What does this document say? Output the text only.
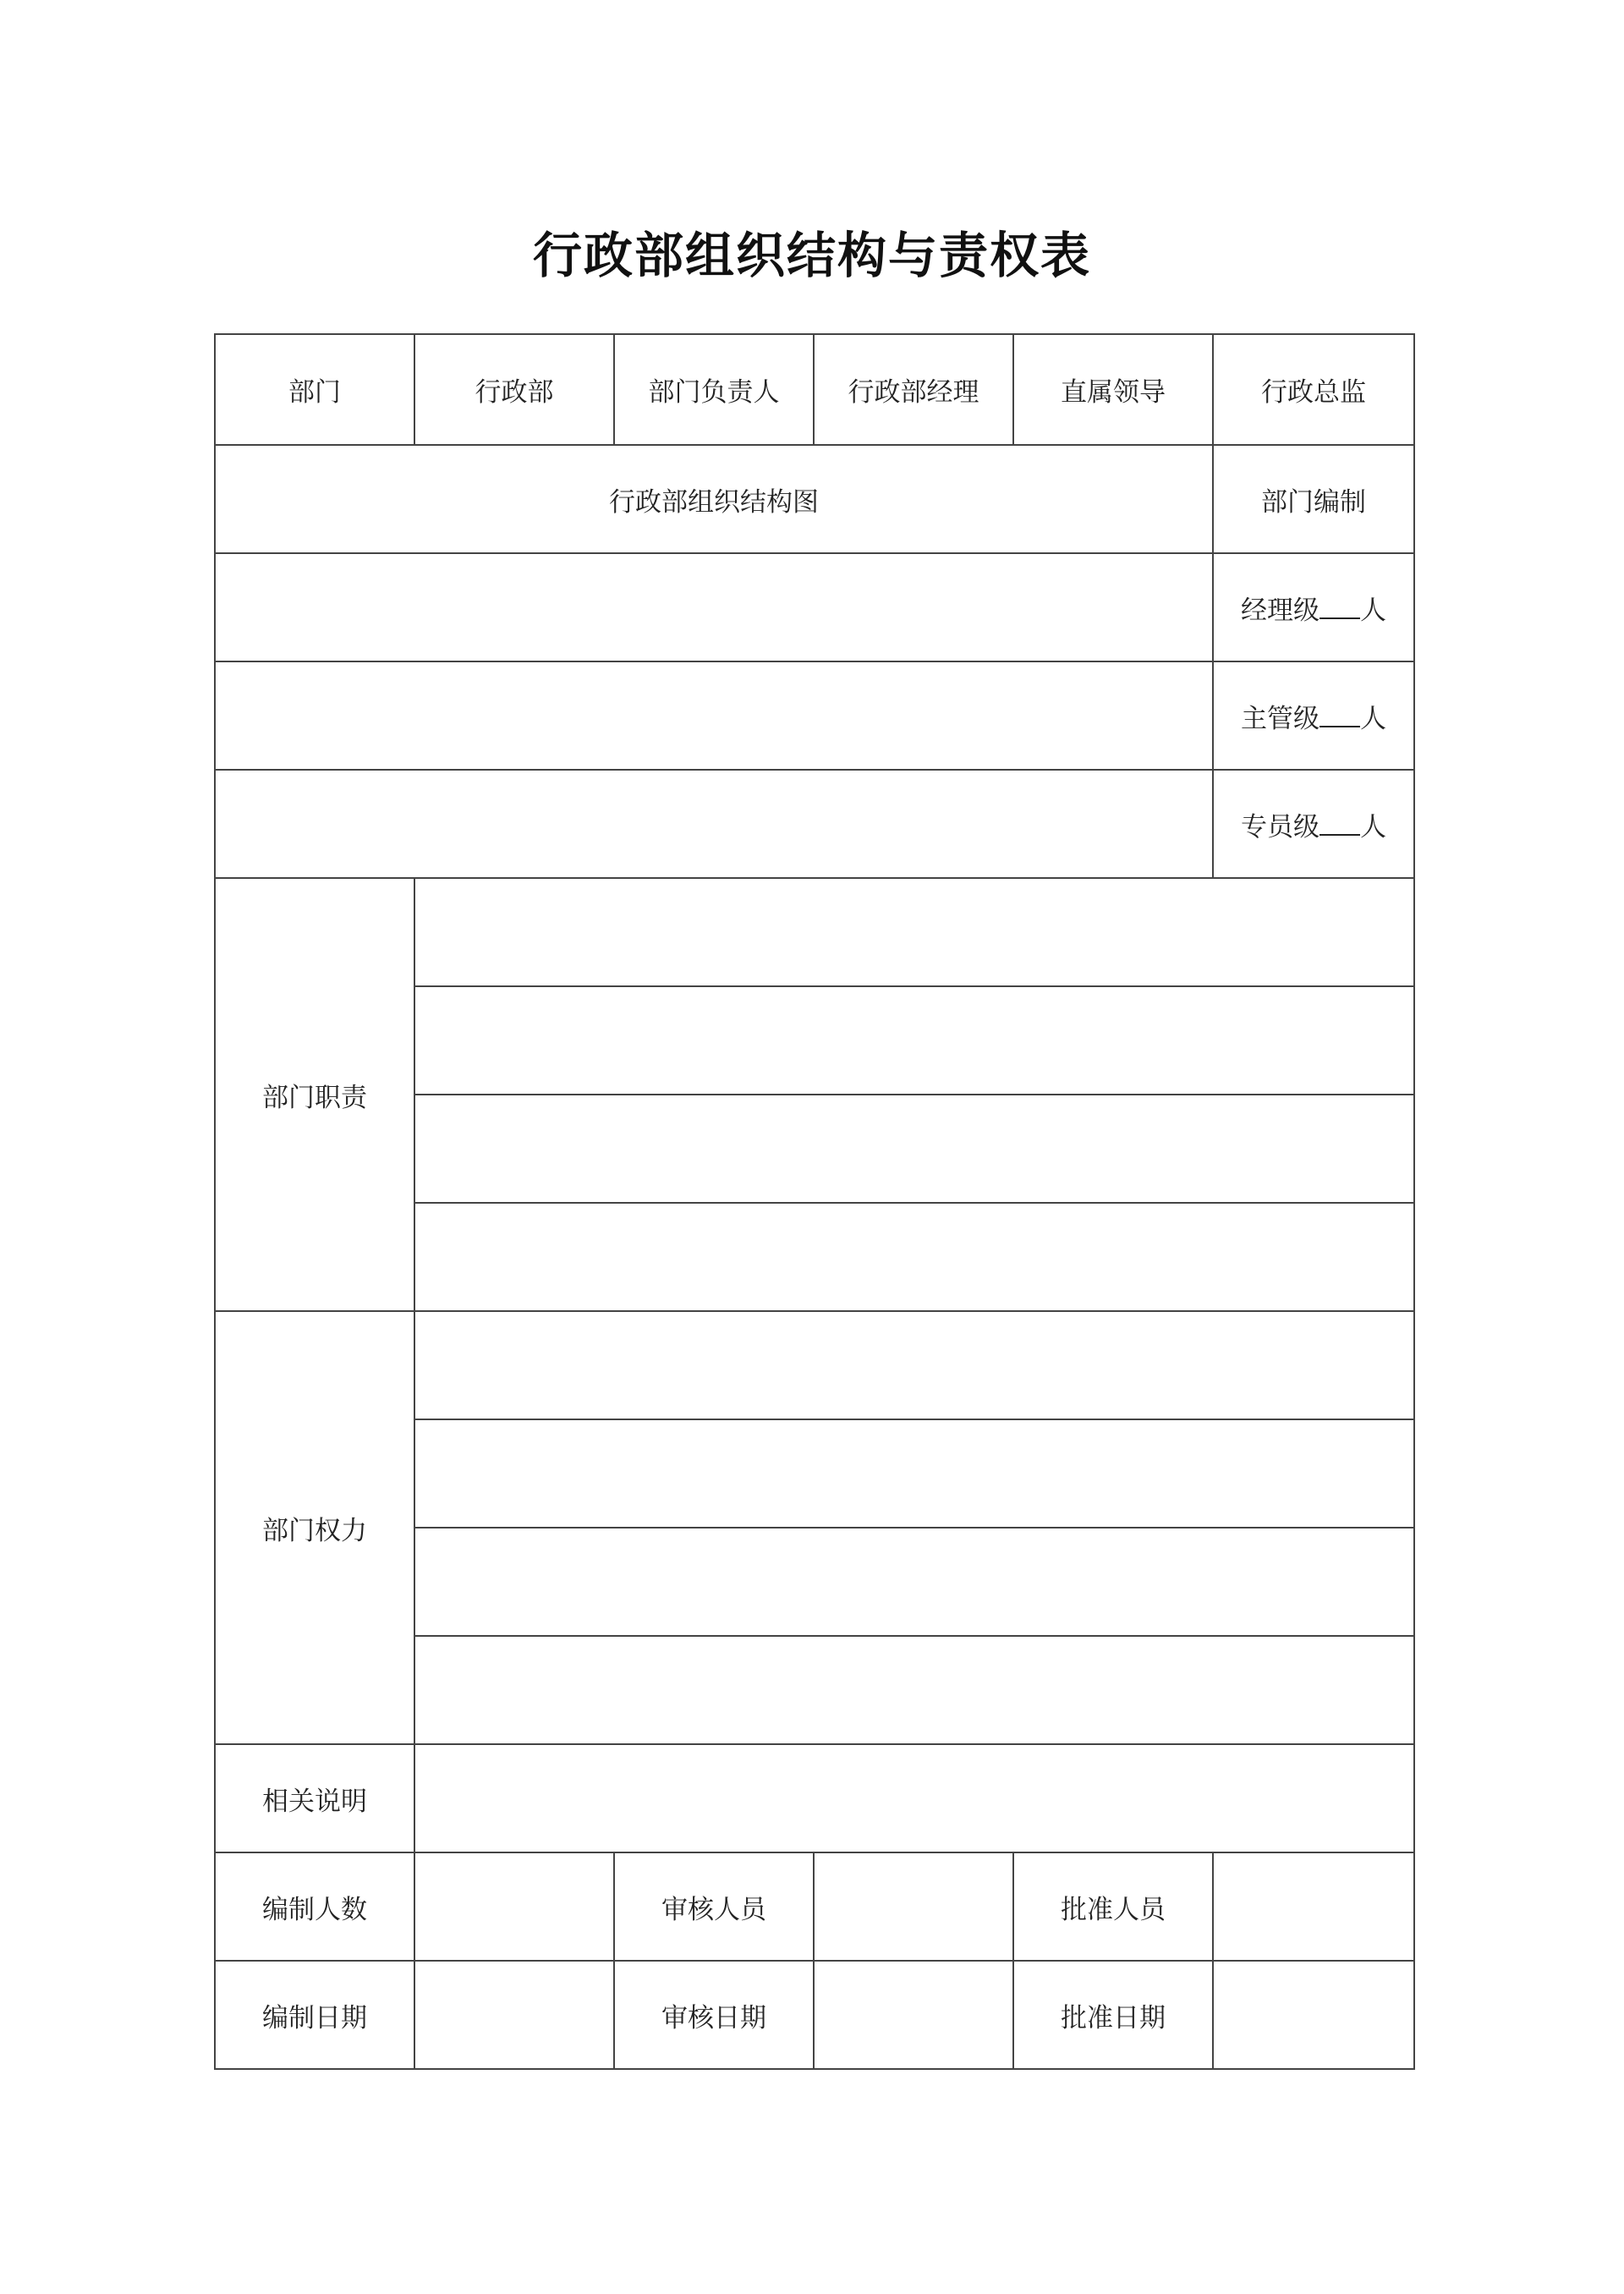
行政部组织结构与责权表
部门	行政部	部门负责人	行政部经理	直属领导	行政总监
行政部组织结构图					部门编制
					经理级 人
					主管级 人
					专员级 人
部门职责					

部门权力					

相关说明					
编制人数		审核人员		批准人员	
编制日期		审核日期		批准日期	
